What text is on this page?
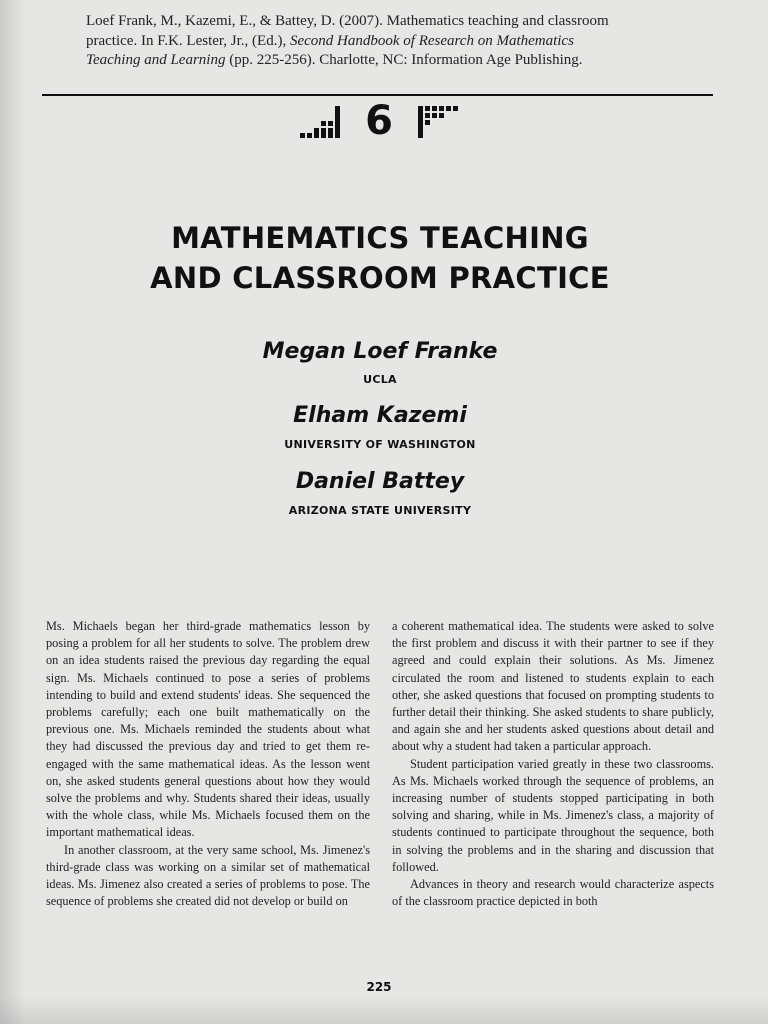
Loef Frank, M., Kazemi, E., & Battey, D. (2007). Mathematics teaching and classroom
practice. In F.K. Lester, Jr., (Ed.), Second Handbook of Research on Mathematics
Teaching and Learning (pp. 225-256). Charlotte, NC: Information Age Publishing.
6
MATHEMATICS TEACHING
AND CLASSROOM PRACTICE
Megan Loef Franke
UCLA
Elham Kazemi
UNIVERSITY OF WASHINGTON
Daniel Battey
ARIZONA STATE UNIVERSITY

Ms. Michaels began her third-grade mathematics lesson by posing a problem for all her students to solve. The problem drew on an idea students raised the previous day regarding the equal sign. Ms. Michaels continued to pose a series of problems intending to build and extend students' ideas. She sequenced the problems carefully; each one built mathematically on the previous one. Ms. Michaels reminded the students about what they had discussed the previous day and tried to get them re-engaged with the same mathematical ideas. As the lesson went on, she asked students general questions about how they would solve the problems and why. Students shared their ideas, usually with the whole class, while Ms. Michaels focused them on the important mathematical ideas.

In another classroom, at the very same school, Ms. Jimenez's third-grade class was working on a similar set of mathematical ideas. Ms. Jimenez also created a series of problems to pose. The sequence of problems she created did not develop or build on

a coherent mathematical idea. The students were asked to solve the first problem and discuss it with their partner to see if they agreed and could explain their solutions. As Ms. Jimenez circulated the room and listened to students explain to each other, she asked questions that focused on prompting students to further detail their thinking. She asked students to share publicly, and again she and her students asked questions about detail and about why a student had taken a particular approach.

Student participation varied greatly in these two classrooms. As Ms. Michaels worked through the sequence of problems, an increasing number of students stopped participating in both solving and sharing, while in Ms. Jimenez's class, a majority of students continued to participate throughout the sequence, both in solving the problems and in the sharing and discussion that followed.

Advances in theory and research would characterize aspects of the classroom practice depicted in both

225
